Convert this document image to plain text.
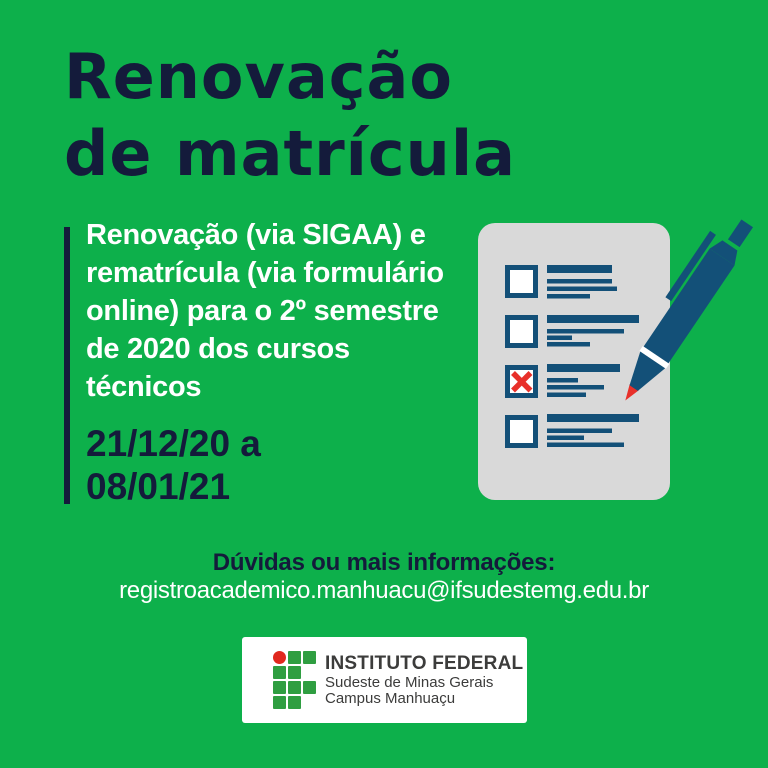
Renovação
de matrícula
Renovação (via SIGAA) e
rematrícula (via formulário
online) para o 2º semestre
de 2020 dos cursos
técnicos
21/12/20 a
08/01/21
Dúvidas ou mais informações:
registroacademico.manhuacu@ifsudestemg.edu.br
INSTITUTO FEDERAL
Sudeste de Minas Gerais
Campus Manhuaçu
